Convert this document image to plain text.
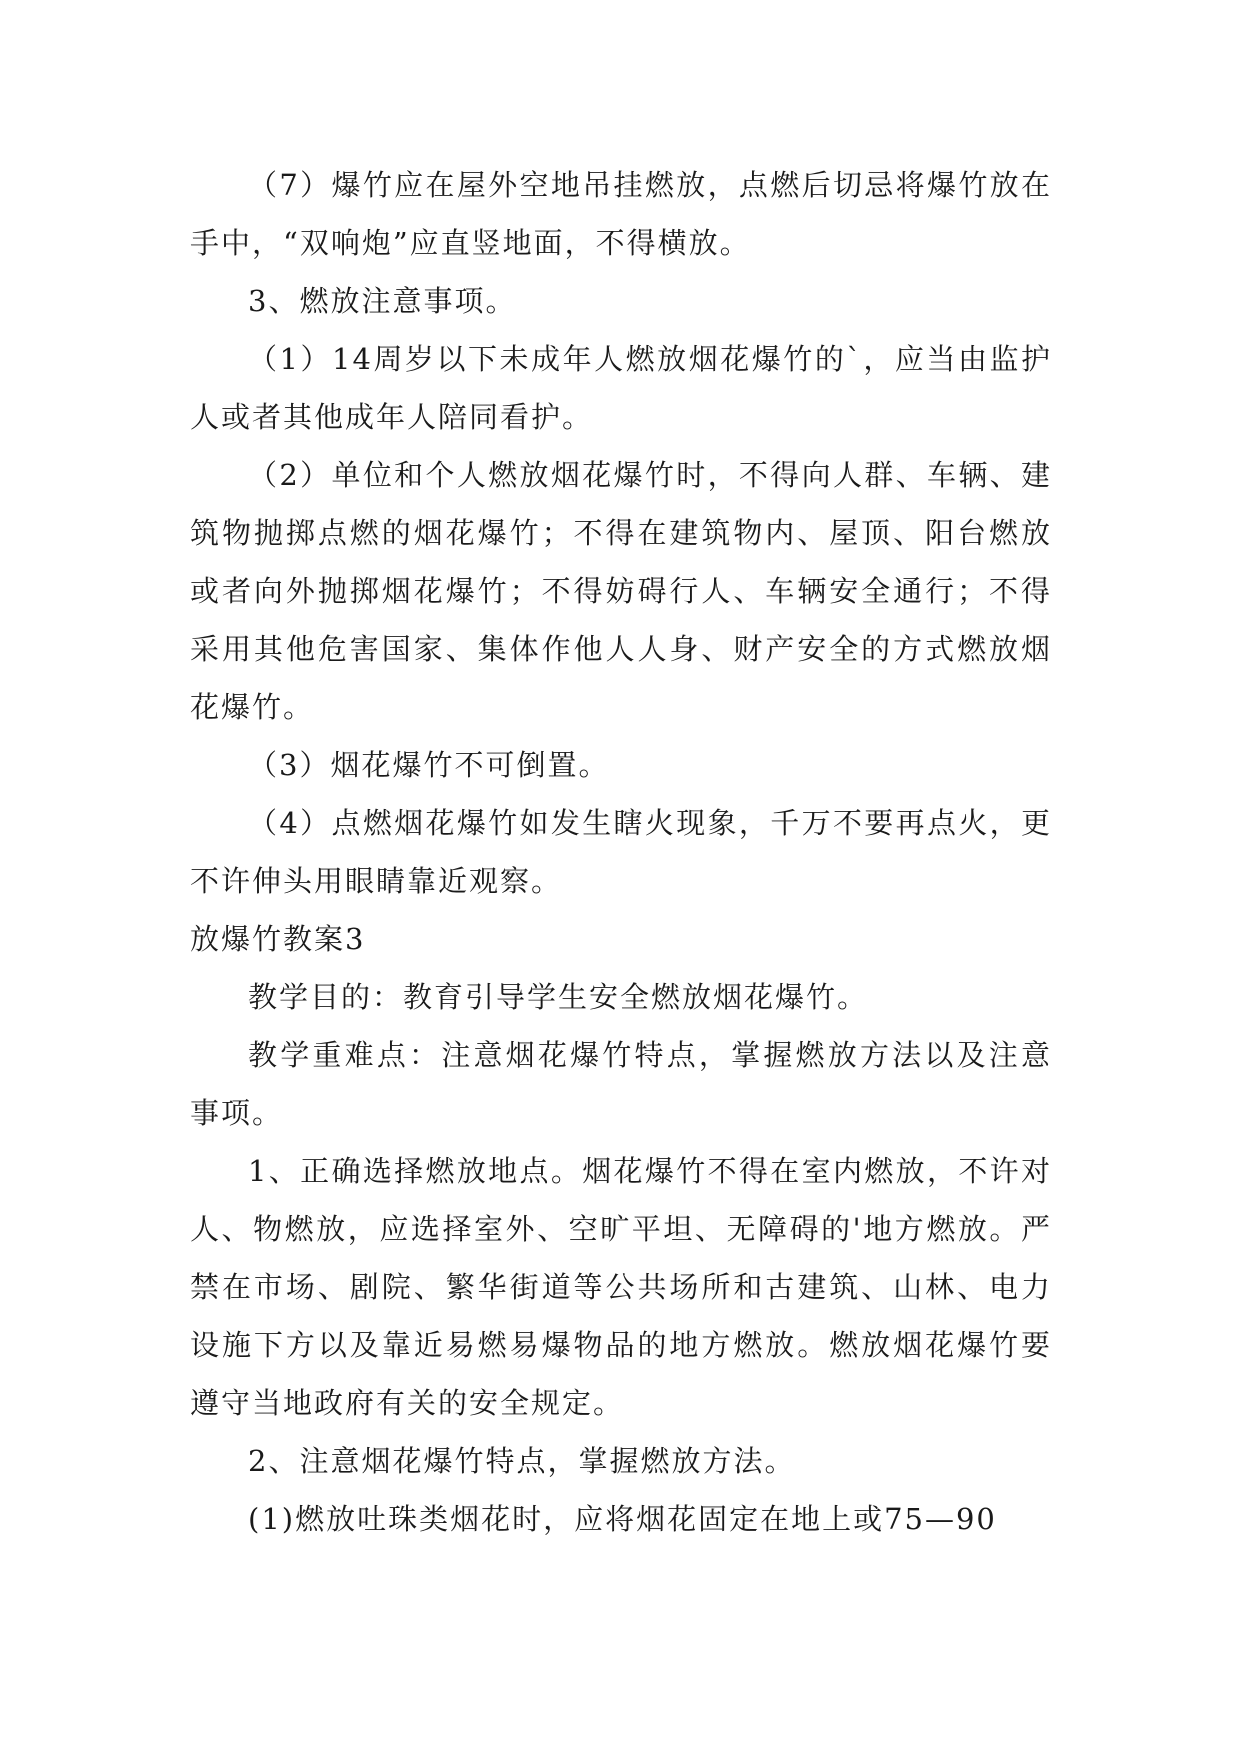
（7）爆竹应在屋外空地吊挂燃放，点燃后切忌将爆竹放在手中，“双响炮”应直竖地面，不得横放。

3、燃放注意事项。

（1）14周岁以下未成年人燃放烟花爆竹的`，应当由监护人或者其他成年人陪同看护。

（2）单位和个人燃放烟花爆竹时，不得向人群、车辆、建筑物抛掷点燃的烟花爆竹；不得在建筑物内、屋顶、阳台燃放或者向外抛掷烟花爆竹；不得妨碍行人、车辆安全通行；不得采用其他危害国家、集体作他人人身、财产安全的方式燃放烟花爆竹。

（3）烟花爆竹不可倒置。

（4）点燃烟花爆竹如发生瞎火现象，千万不要再点火，更不许伸头用眼睛靠近观察。

放爆竹教案3

教学目的：教育引导学生安全燃放烟花爆竹。

教学重难点：注意烟花爆竹特点，掌握燃放方法以及注意事项。

1、正确选择燃放地点。烟花爆竹不得在室内燃放，不许对人、物燃放，应选择室外、空旷平坦、无障碍的'地方燃放。严禁在市场、剧院、繁华街道等公共场所和古建筑、山林、电力设施下方以及靠近易燃易爆物品的地方燃放。燃放烟花爆竹要遵守当地政府有关的安全规定。

2、注意烟花爆竹特点，掌握燃放方法。

(1)燃放吐珠类烟花时，应将烟花固定在地上或75—90
